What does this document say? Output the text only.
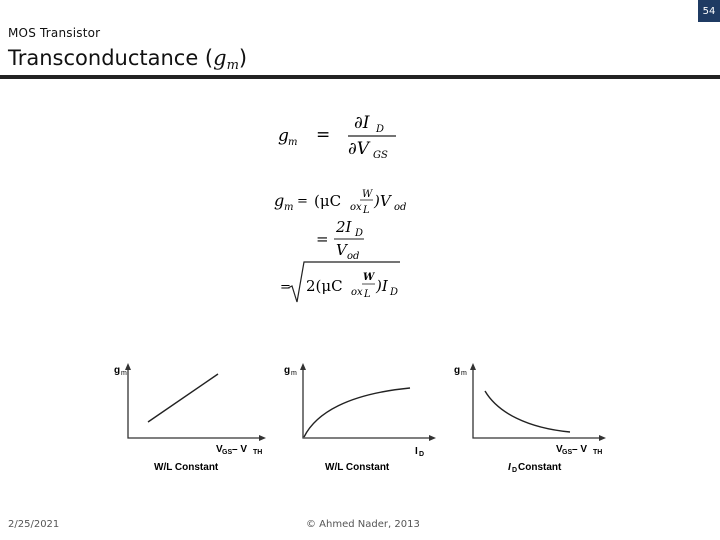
54
MOS Transistor
Transconductance $(g_m)$
g m =
∂I D
∂V GS
g m = (μC ox
W
L
)V od
=
2I D
V od
= 2(μC ox
W
L )I D
g m
V GS – V TH
W/L Constant
g m
I D
W/L Constant
g m
V GS – V TH
I D Constant
2/25/2021	© Ahmed Nader, 2013
